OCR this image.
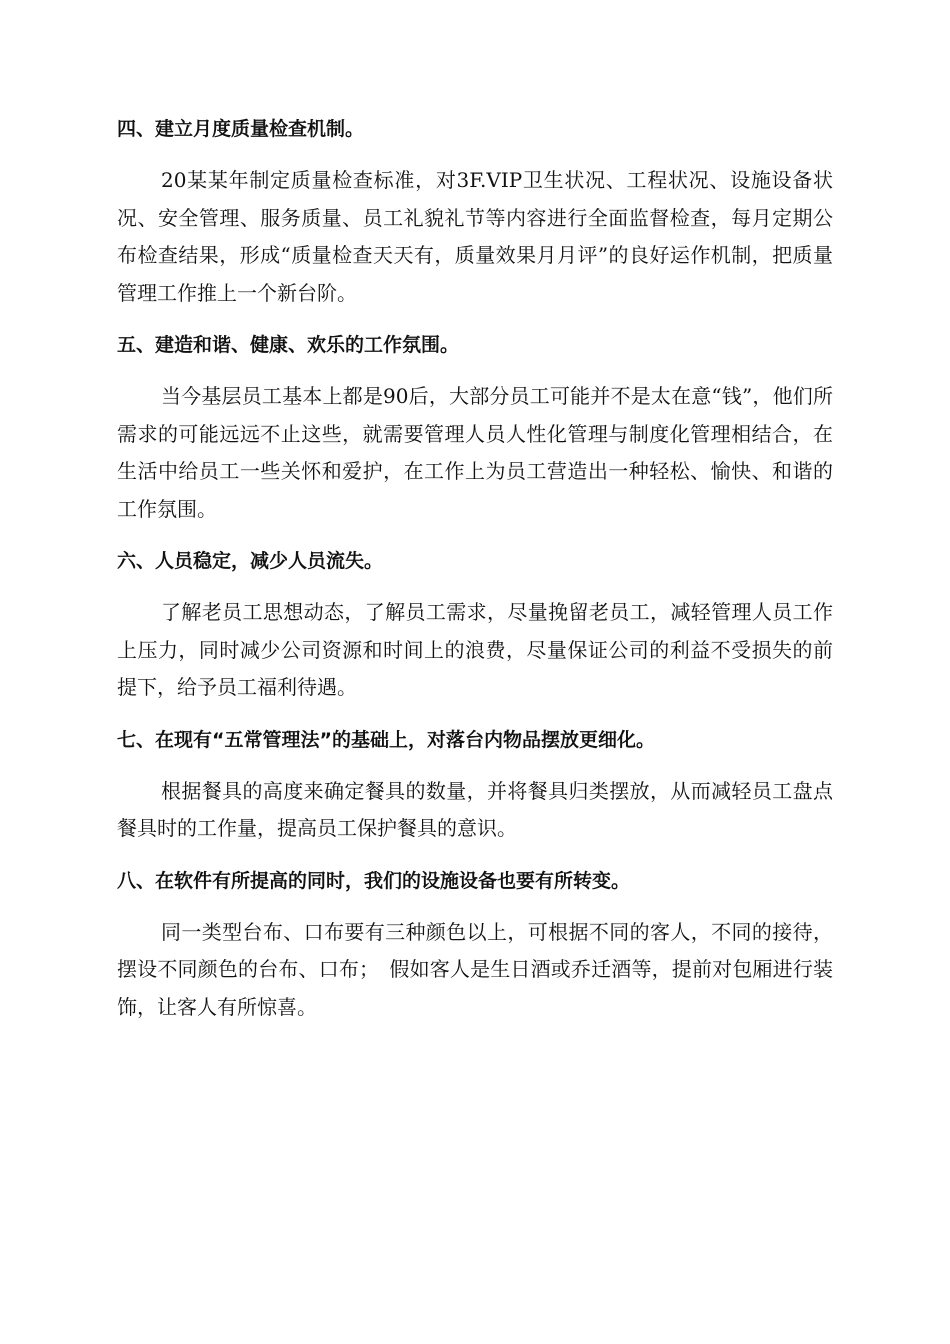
四、建立月度质量检查机制。

20某某年制定质量检查标准，对3F.VIP卫生状况、工程状况、设施设备状况、安全管理、服务质量、员工礼貌礼节等内容进行全面监督检查，每月定期公布检查结果，形成“质量检查天天有，质量效果月月评”的良好运作机制，把质量管理工作推上一个新台阶。

五、建造和谐、健康、欢乐的工作氛围。

当今基层员工基本上都是90后，大部分员工可能并不是太在意“钱”，他们所需求的可能远远不止这些，就需要管理人员人性化管理与制度化管理相结合，在生活中给员工一些关怀和爱护，在工作上为员工营造出一种轻松、愉快、和谐的工作氛围。

六、人员稳定，减少人员流失。

了解老员工思想动态，了解员工需求，尽量挽留老员工，减轻管理人员工作上压力，同时减少公司资源和时间上的浪费，尽量保证公司的利益不受损失的前提下，给予员工福利待遇。

七、在现有“五常管理法”的基础上，对落台内物品摆放更细化。

根据餐具的高度来确定餐具的数量，并将餐具归类摆放，从而减轻员工盘点餐具时的工作量，提高员工保护餐具的意识。

八、在软件有所提高的同时，我们的设施设备也要有所转变。

同一类型台布、口布要有三种颜色以上，可根据不同的客人，不同的接待，摆设不同颜色的台布、口布；　假如客人是生日酒或乔迁酒等，提前对包厢进行装饰，让客人有所惊喜。
